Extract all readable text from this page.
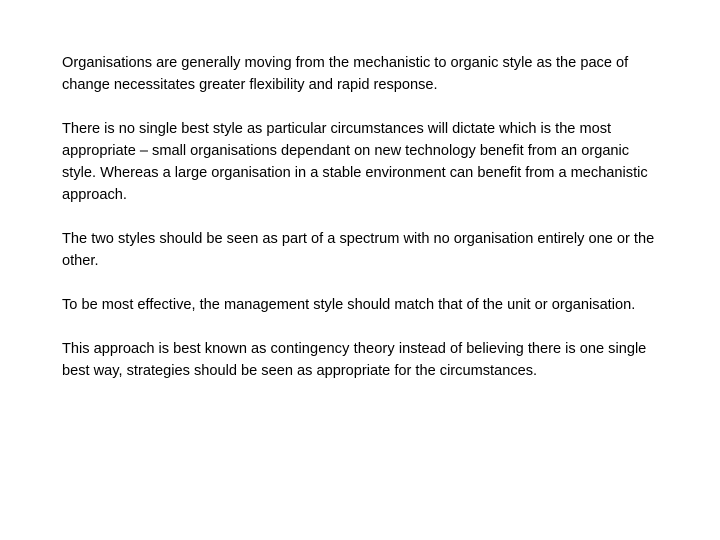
Organisations are generally moving from the mechanistic to organic style as the pace of change necessitates greater flexibility and rapid response.

There is no single best style as particular circumstances will dictate which is the most appropriate – small organisations dependant on new technology benefit from an organic style. Whereas a large organisation in a stable environment can benefit from a mechanistic approach.

The two styles should be seen as part of a spectrum with no organisation entirely one or the other.

To be most effective, the management style should match that of the unit or organisation.

This approach is best known as contingency theory instead of believing there is one single best way, strategies should be seen as appropriate for the circumstances.
